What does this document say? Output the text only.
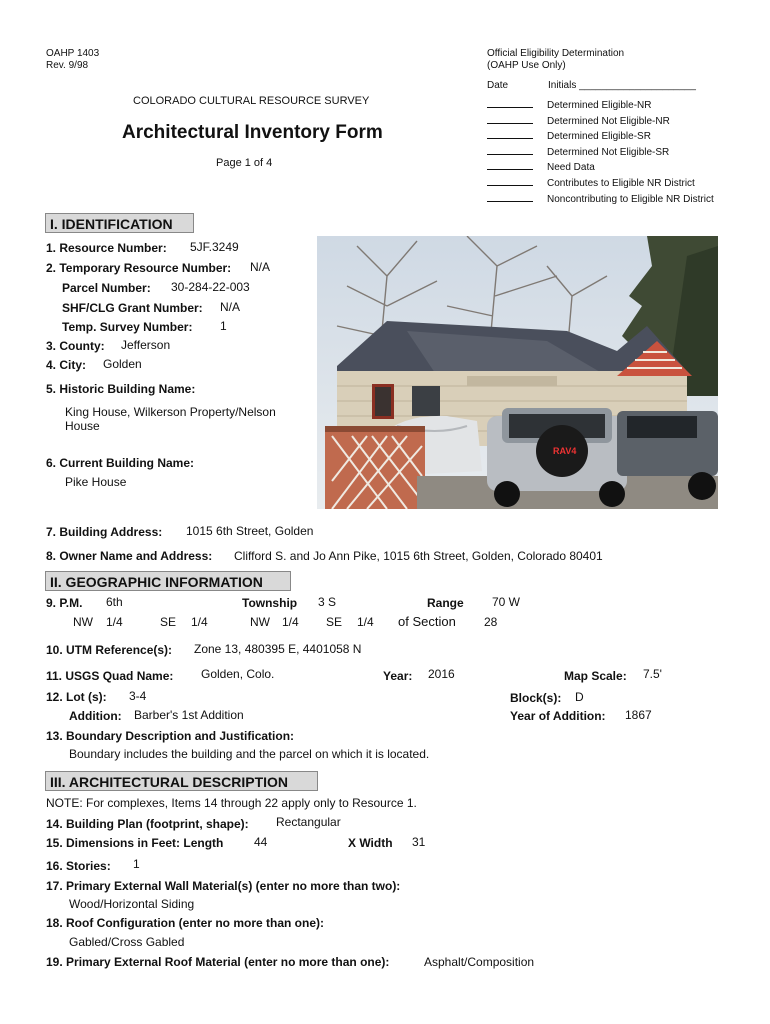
OAHP 1403
Rev. 9/98
COLORADO CULTURAL RESOURCE SURVEY
Architectural Inventory Form
Page 1 of 4
Official Eligibility Determination
(OAHP Use Only)
Date	Initials _____________________
Determined Eligible-NR
Determined Not Eligible-NR
Determined Eligible-SR
Determined Not Eligible-SR
Need Data
Contributes to Eligible NR District
Noncontributing to Eligible NR District
I. IDENTIFICATION
1. Resource Number: 5JF.3249
2. Temporary Resource Number: N/A
Parcel Number: 30-284-22-003
SHF/CLG Grant Number: N/A
Temp. Survey Number: 1
3. County: Jefferson
4. City: Golden
5. Historic Building Name:
King House, Wilkerson Property/Nelson
House
6. Current Building Name:
Pike House
RAV4
7. Building Address: 1015 6th Street, Golden
8. Owner Name and Address: Clifford S. and Jo Ann Pike, 1015 6th Street, Golden, Colorado 80401
II. GEOGRAPHIC INFORMATION
9. P.M. 6th	Township 3 S	Range 70 W
NW 1/4	SE 1/4	NW 1/4 SE 1/4 of Section 28
10. UTM Reference(s): Zone 13, 480395 E, 4401058 N
11. USGS Quad Name: Golden, Colo.	Year: 2016	Map Scale: 7.5'
12. Lot (s): 3-4	Block(s): D
Addition: Barber's 1st Addition	Year of Addition: 1867
13. Boundary Description and Justification:
Boundary includes the building and the parcel on which it is located.
III. ARCHITECTURAL DESCRIPTION
NOTE: For complexes, Items 14 through 22 apply only to Resource 1.
14. Building Plan (footprint, shape): Rectangular
15. Dimensions in Feet: Length	44	X Width 31
16. Stories: 1
17. Primary External Wall Material(s) (enter no more than two):
Wood/Horizontal Siding
18. Roof Configuration (enter no more than one):
Gabled/Cross Gabled
19. Primary External Roof Material (enter no more than one):	Asphalt/Composition
